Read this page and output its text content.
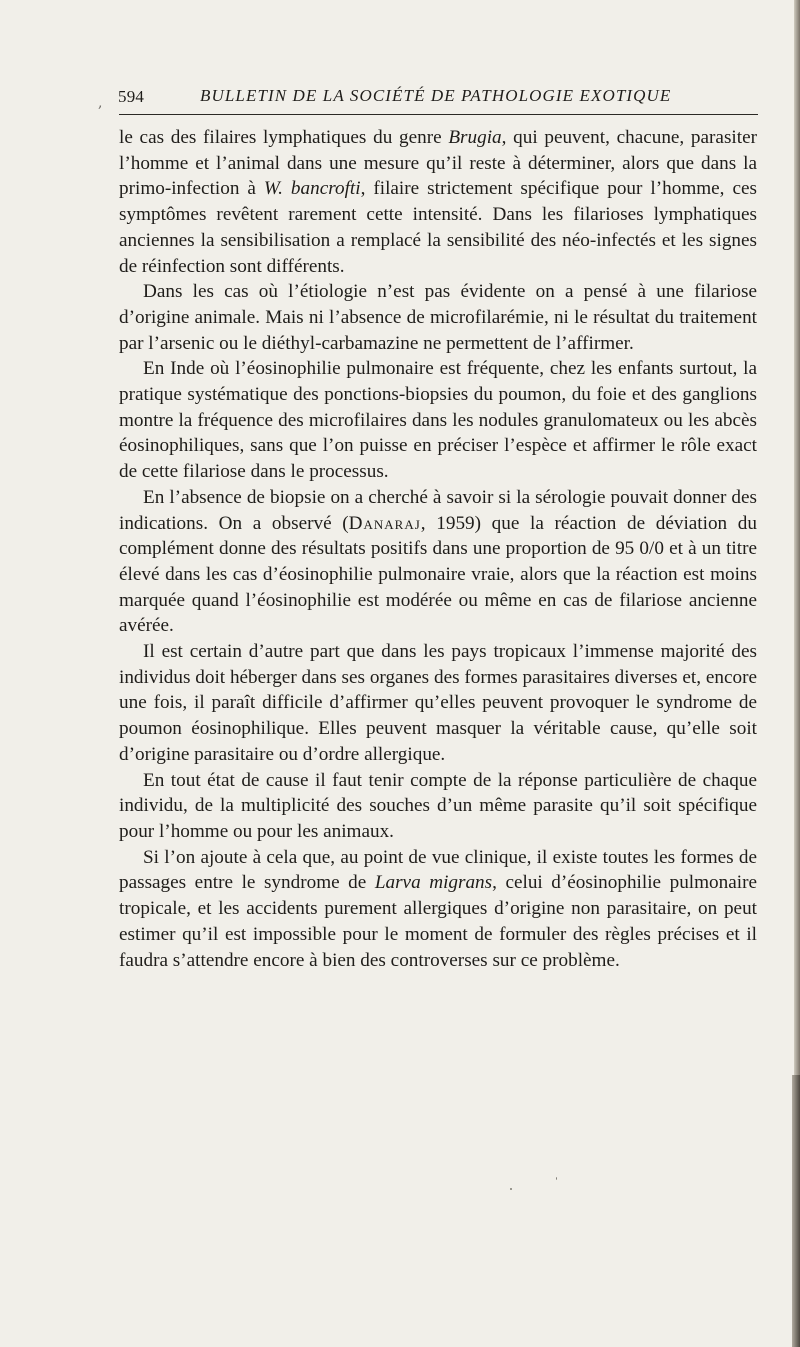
, 594	BULLETIN DE LA SOCIÉTÉ DE PATHOLOGIE EXOTIQUE

le cas des filaires lymphatiques du genre Brugia, qui peuvent, chacune, parasiter l’homme et l’animal dans une mesure qu’il reste à déterminer, alors que dans la primo-infection à W. bancrofti, filaire strictement spécifique pour l’homme, ces symptômes revêtent rarement cette intensité. Dans les filarioses lymphatiques anciennes la sensibilisation a remplacé la sensibilité des néo-infectés et les signes de réinfection sont différents.

Dans les cas où l’étiologie n’est pas évidente on a pensé à une filariose d’origine animale. Mais ni l’absence de microfilarémie, ni le résultat du traitement par l’arsenic ou le diéthyl-carbamazine ne permettent de l’affirmer.

En Inde où l’éosinophilie pulmonaire est fréquente, chez les enfants surtout, la pratique systématique des ponctions-biopsies du poumon, du foie et des ganglions montre la fréquence des microfilaires dans les nodules granulomateux ou les abcès éosinophiliques, sans que l’on puisse en préciser l’espèce et affirmer le rôle exact de cette filariose dans le processus.

En l’absence de biopsie on a cherché à savoir si la sérologie pouvait donner des indications. On a observé (Danaraj, 1959) que la réaction de déviation du complément donne des résultats positifs dans une proportion de 95 0/0 et à un titre élevé dans les cas d’éosinophilie pulmonaire vraie, alors que la réaction est moins marquée quand l’éosinophilie est modérée ou même en cas de filariose ancienne avérée.

Il est certain d’autre part que dans les pays tropicaux l’immense majorité des individus doit héberger dans ses organes des formes parasitaires diverses et, encore une fois, il paraît difficile d’affirmer qu’elles peuvent provoquer le syndrome de poumon éosinophilique. Elles peuvent masquer la véritable cause, qu’elle soit d’origine parasitaire ou d’ordre allergique.

En tout état de cause il faut tenir compte de la réponse particulière de chaque individu, de la multiplicité des souches d’un même parasite qu’il soit spécifique pour l’homme ou pour les animaux.

Si l’on ajoute à cela que, au point de vue clinique, il existe toutes les formes de passages entre le syndrome de Larva migrans, celui d’éosinophilie pulmonaire tropicale, et les accidents purement allergiques d’origine non parasitaire, on peut estimer qu’il est impossible pour le moment de formuler des règles précises et il faudra s’attendre encore à bien des controverses sur ce problème.
